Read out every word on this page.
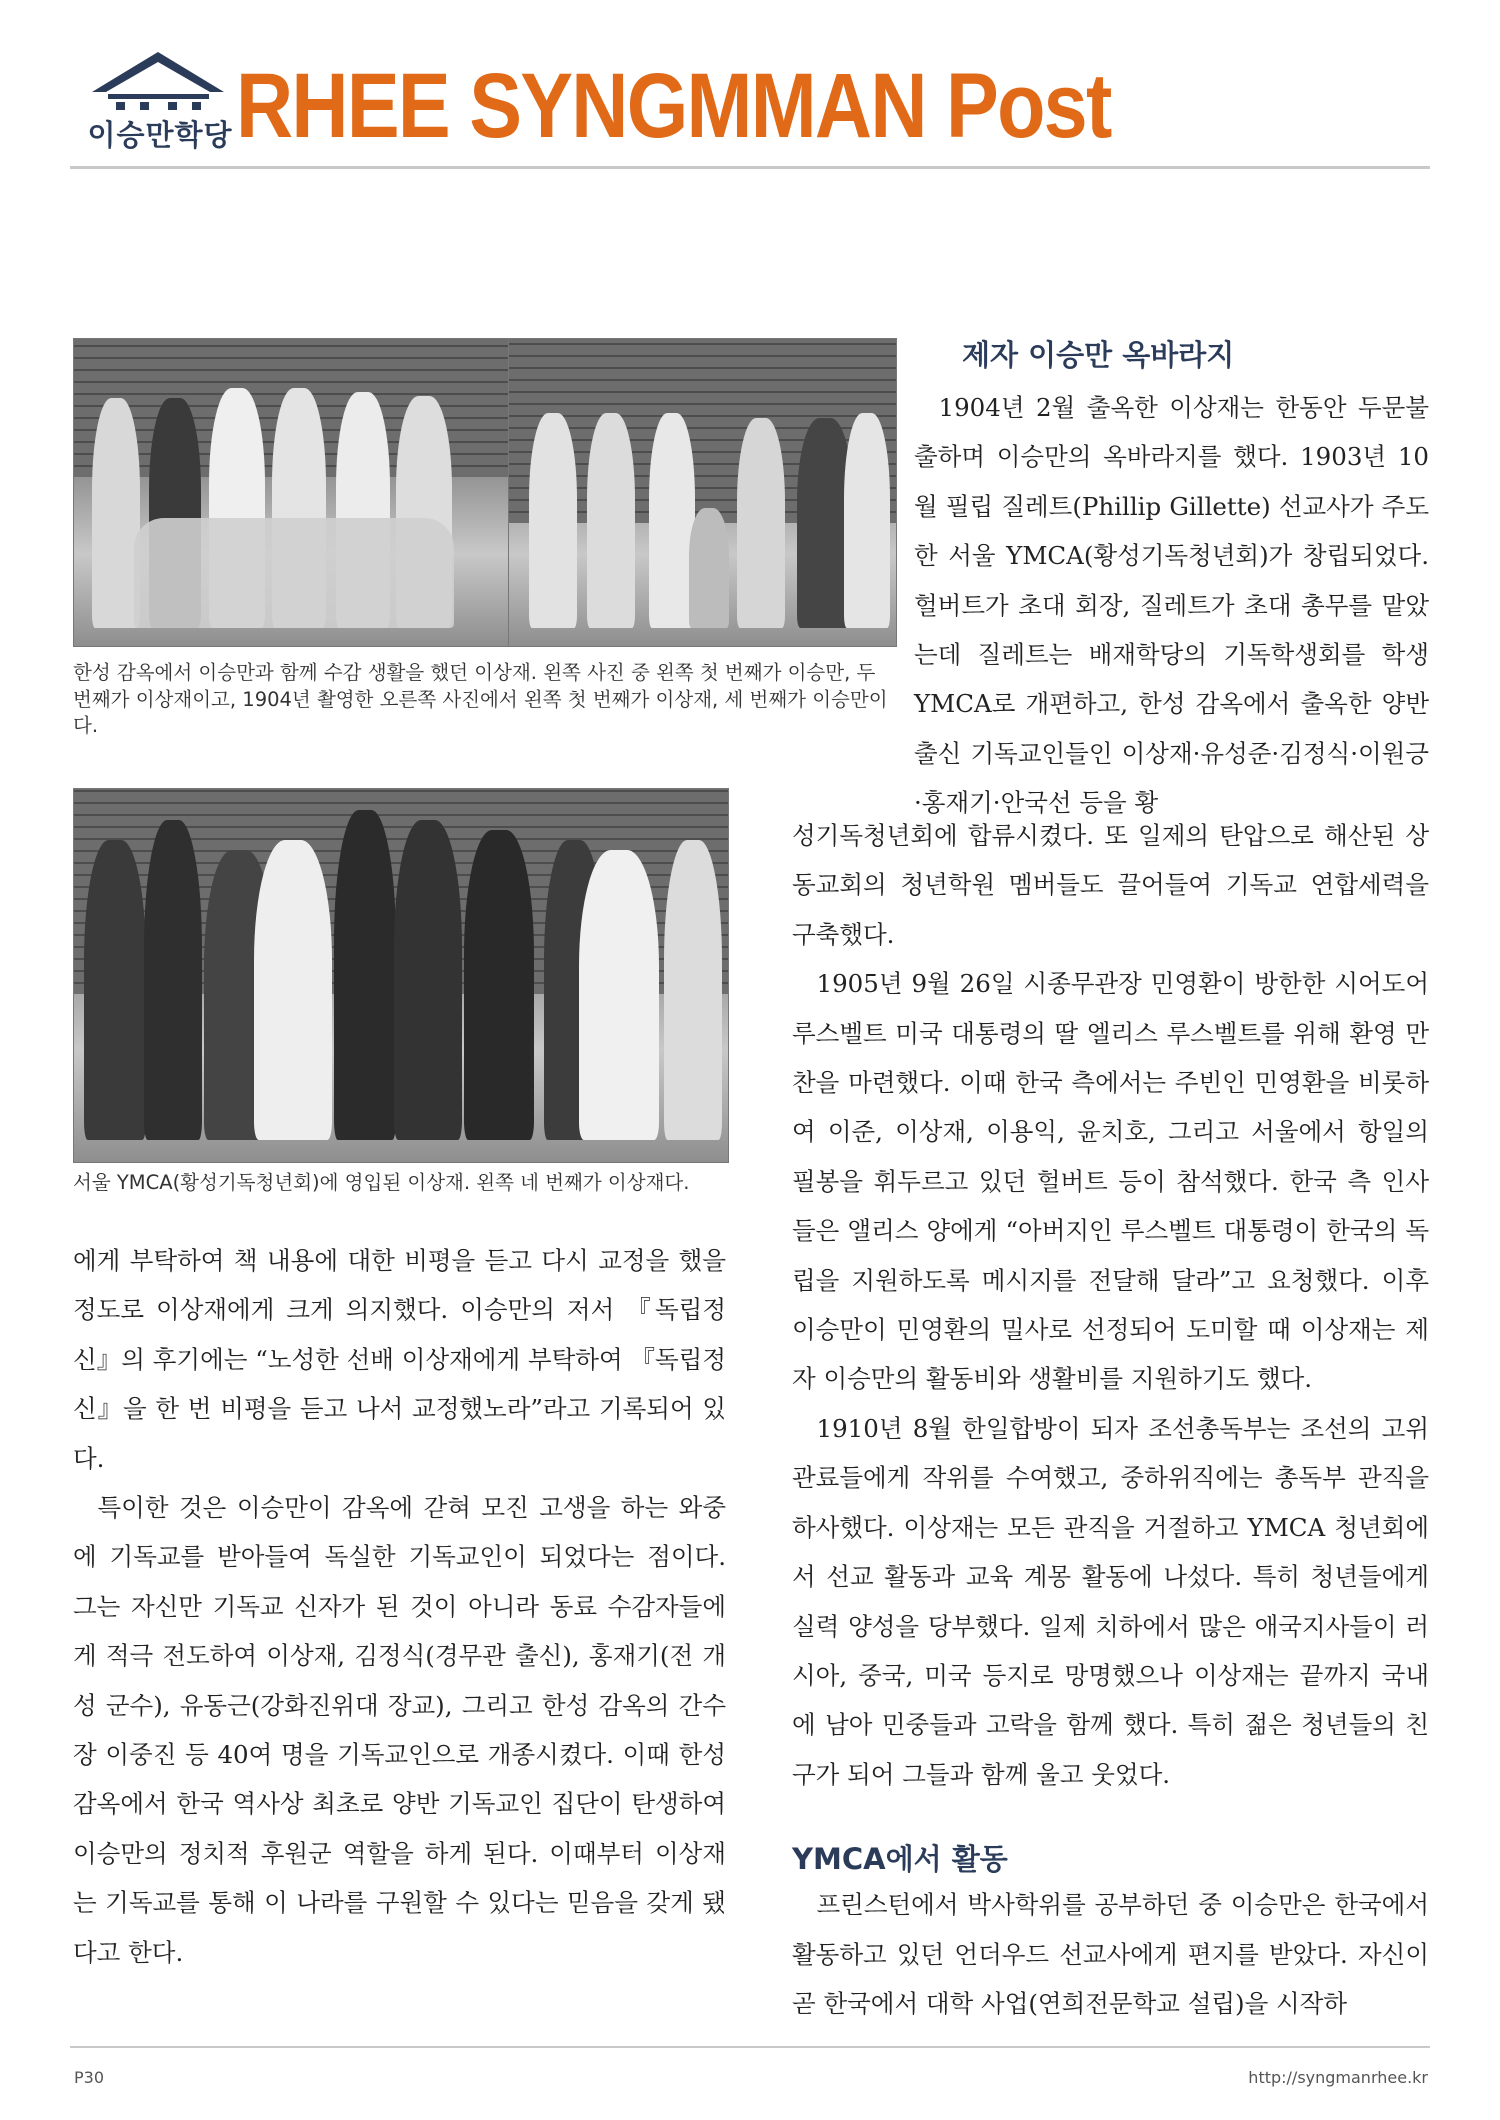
이승만학당 RHEE SYNGMMAN Post
한성 감옥에서 이승만과 함께 수감 생활을 했던 이상재. 왼쪽 사진 중 왼쪽 첫 번째가 이승만, 두 번째가 이상재이고, 1904년 촬영한 오른쪽 사진에서 왼쪽 첫 번째가 이상재, 세 번째가 이승만이다.
서울 YMCA(황성기독청년회)에 영입된 이상재. 왼쪽 네 번째가 이상재다.

에게 부탁하여 책 내용에 대한 비평을 듣고 다시 교정을 했을 정도로 이상재에게 크게 의지했다. 이승만의 저서 『독립정신』의 후기에는 “노성한 선배 이상재에게 부탁하여 『독립정신』을 한 번 비평을 듣고 나서 교정했노라”라고 기록되어 있다.

특이한 것은 이승만이 감옥에 갇혀 모진 고생을 하는 와중에 기독교를 받아들여 독실한 기독교인이 되었다는 점이다. 그는 자신만 기독교 신자가 된 것이 아니라 동료 수감자들에게 적극 전도하여 이상재, 김정식(경무관 출신), 홍재기(전 개성 군수), 유동근(강화진위대 장교), 그리고 한성 감옥의 간수장 이중진 등 40여 명을 기독교인으로 개종시켰다. 이때 한성 감옥에서 한국 역사상 최초로 양반 기독교인 집단이 탄생하여 이승만의 정치적 후원군 역할을 하게 된다. 이때부터 이상재는 기독교를 통해 이 나라를 구원할 수 있다는 믿음을 갖게 됐다고 한다.

제자 이승만 옥바라지

1904년 2월 출옥한 이상재는 한동안 두문불출하며 이승만의 옥바라지를 했다. 1903년 10월 필립 질레트(Phillip Gillette) 선교사가 주도한 서울 YMCA(황성기독청년회)가 창립되었다. 헐버트가 초대 회장, 질레트가 초대 총무를 맡았는데 질레트는 배재학당의 기독학생회를 학생 YMCA로 개편하고, 한성 감옥에서 출옥한 양반 출신 기독교인들인 이상재·유성준·김정식·이원긍·홍재기·안국선 등을 황

성기독청년회에 합류시켰다. 또 일제의 탄압으로 해산된 상동교회의 청년학원 멤버들도 끌어들여 기독교 연합세력을 구축했다.

1905년 9월 26일 시종무관장 민영환이 방한한 시어도어 루스벨트 미국 대통령의 딸 엘리스 루스벨트를 위해 환영 만찬을 마련했다. 이때 한국 측에서는 주빈인 민영환을 비롯하여 이준, 이상재, 이용익, 윤치호, 그리고 서울에서 항일의 필봉을 휘두르고 있던 헐버트 등이 참석했다. 한국 측 인사들은 앨리스 양에게 “아버지인 루스벨트 대통령이 한국의 독립을 지원하도록 메시지를 전달해 달라”고 요청했다. 이후 이승만이 민영환의 밀사로 선정되어 도미할 때 이상재는 제자 이승만의 활동비와 생활비를 지원하기도 했다.

1910년 8월 한일합방이 되자 조선총독부는 조선의 고위 관료들에게 작위를 수여했고, 중하위직에는 총독부 관직을 하사했다. 이상재는 모든 관직을 거절하고 YMCA 청년회에서 선교 활동과 교육 계몽 활동에 나섰다. 특히 청년들에게 실력 양성을 당부했다. 일제 치하에서 많은 애국지사들이 러시아, 중국, 미국 등지로 망명했으나 이상재는 끝까지 국내에 남아 민중들과 고락을 함께 했다. 특히 젊은 청년들의 친구가 되어 그들과 함께 울고 웃었다.

YMCA에서 활동

프린스턴에서 박사학위를 공부하던 중 이승만은 한국에서 활동하고 있던 언더우드 선교사에게 편지를 받았다. 자신이 곧 한국에서 대학 사업(연희전문학교 설립)을 시작하

P30	http://syngmanrhee.kr
